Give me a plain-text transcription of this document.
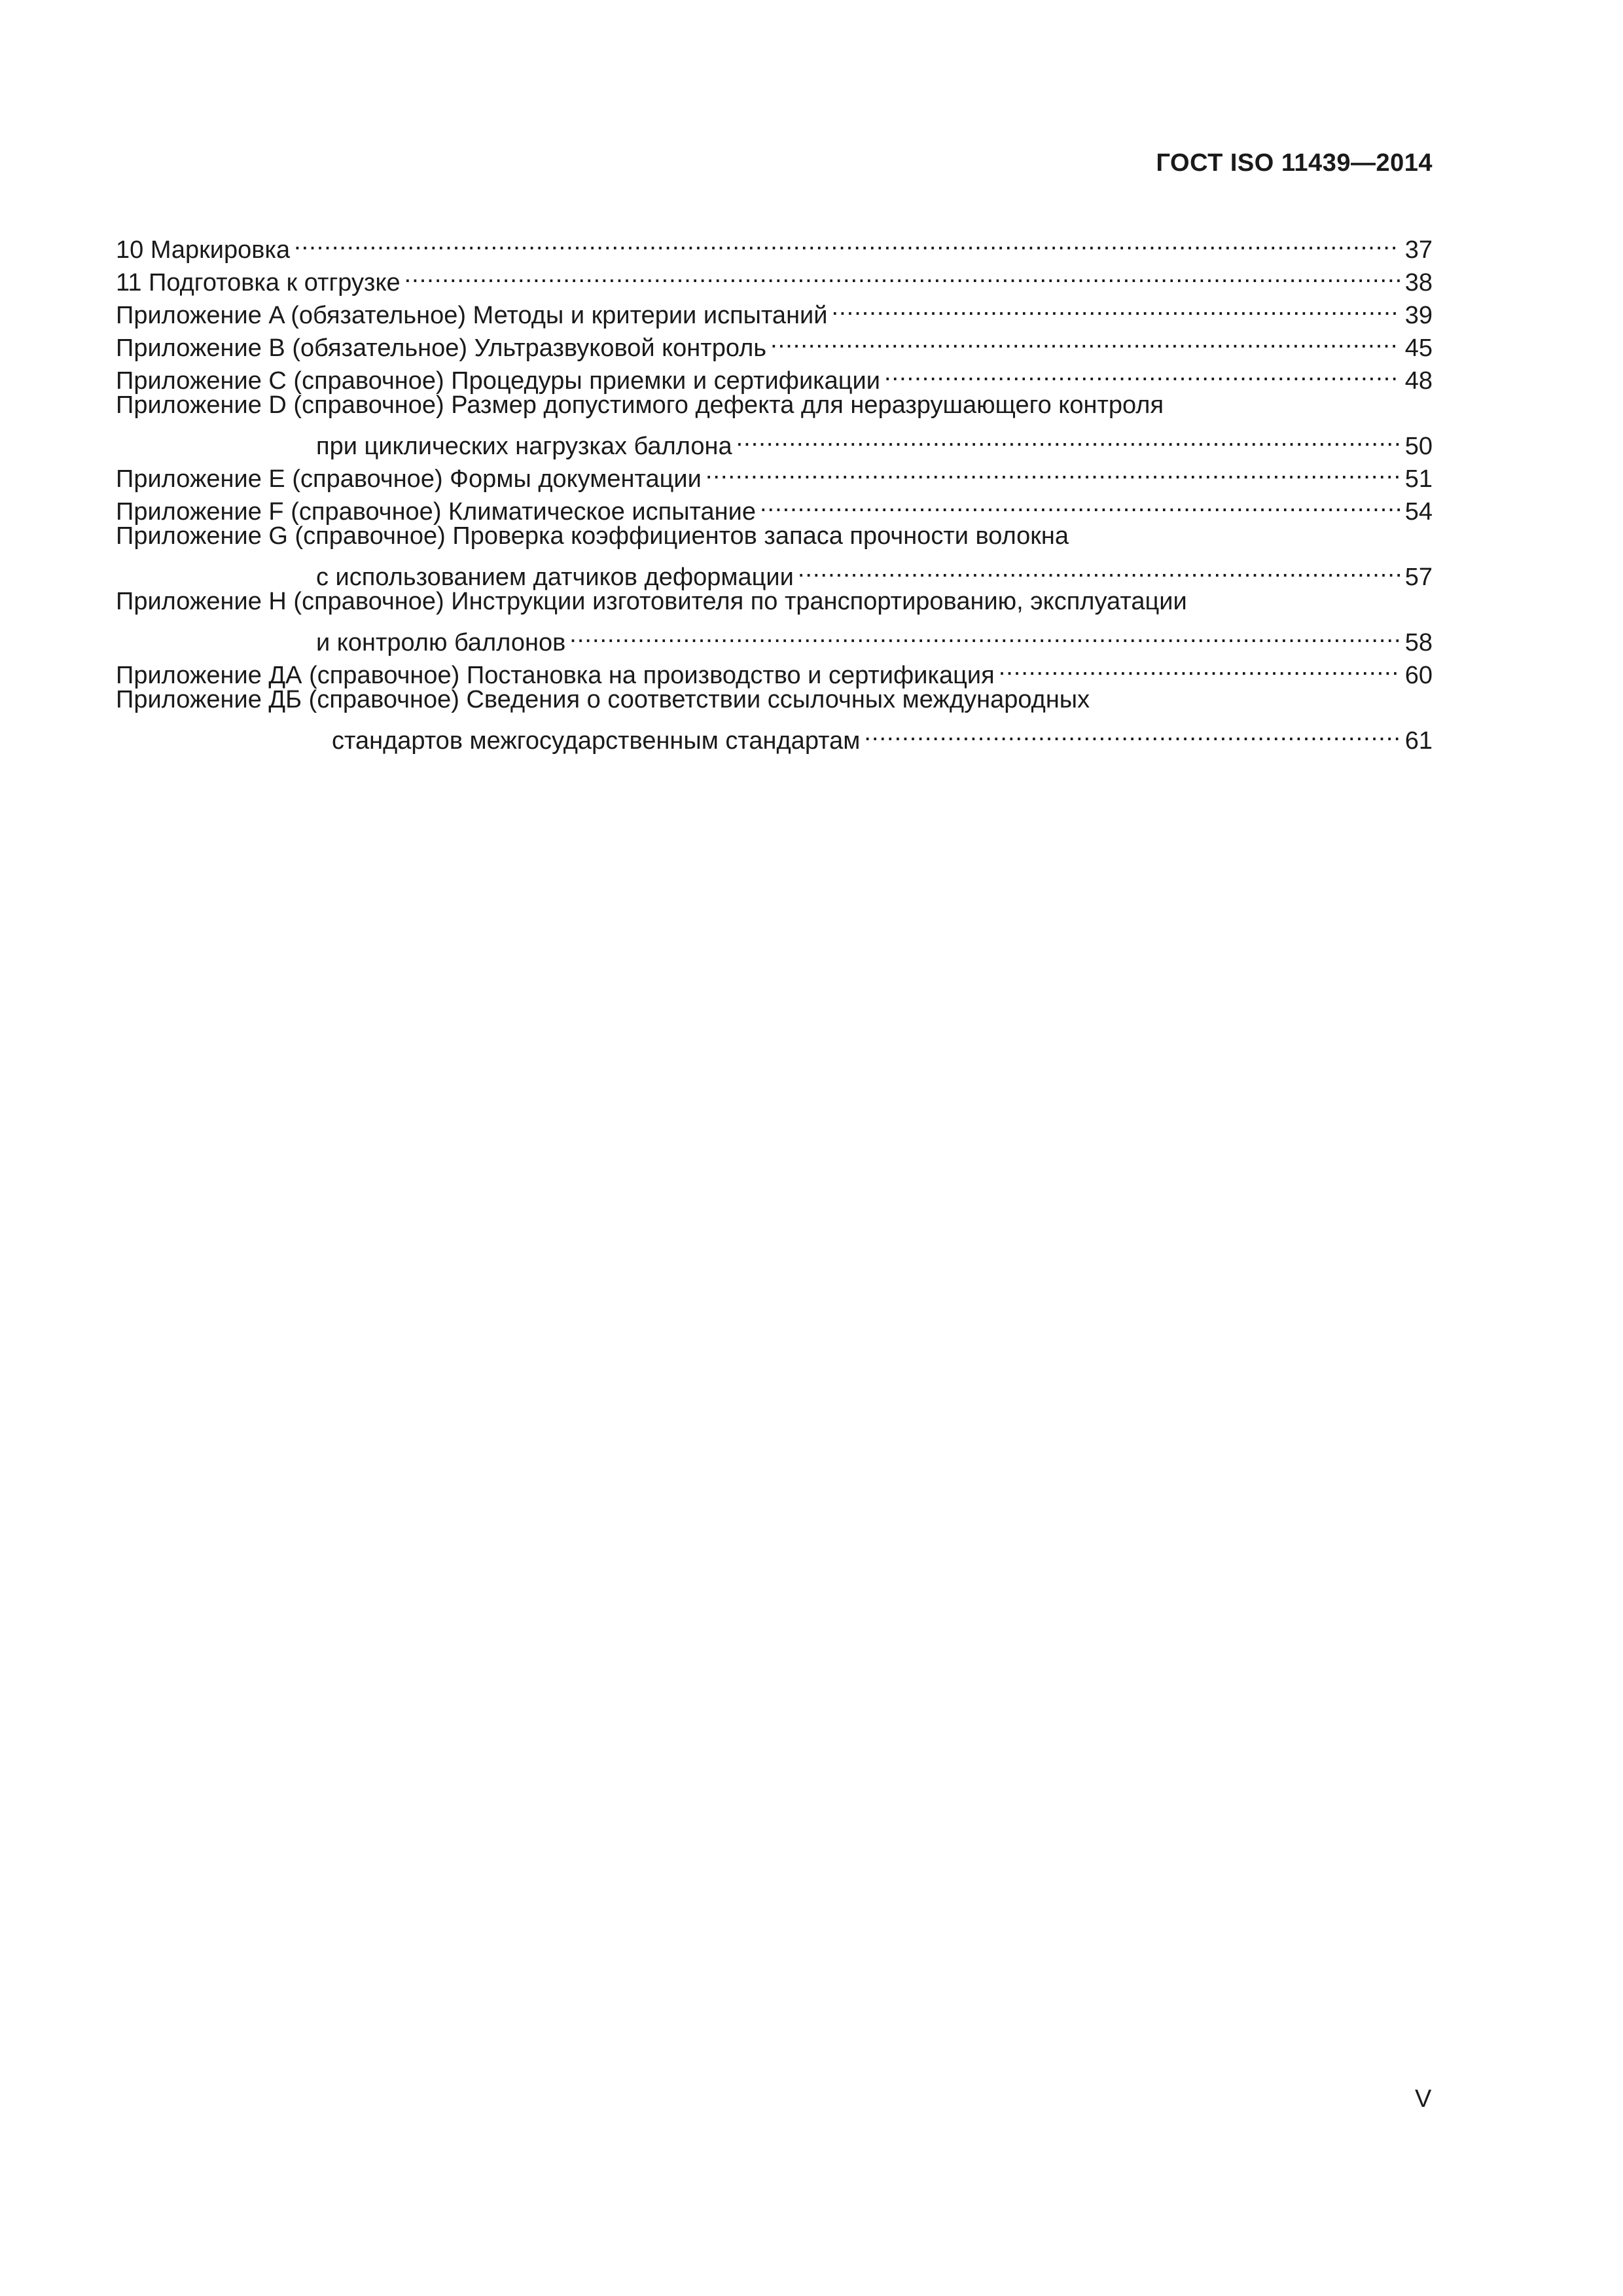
ГОСТ ISO 11439—2014
10 Маркировка .....	37
11 Подготовка к отгрузке .....	38
Приложение A (обязательное) Методы и критерии испытаний .....	39
Приложение B (обязательное) Ультразвуковой контроль .....	45
Приложение C (справочное) Процедуры приемки и сертификации .....	48
Приложение D (справочное) Размер допустимого дефекта для неразрушающего контроля
при циклических нагрузках баллона .....	50
Приложение E (справочное) Формы документации .....	51
Приложение F (справочное) Климатическое испытание .....	54
Приложение G (справочное) Проверка коэффициентов запаса прочности волокна
с использованием датчиков деформации .....	57
Приложение H (справочное) Инструкции изготовителя по транспортированию, эксплуатации
и контролю баллонов .....	58
Приложение ДА (справочное) Постановка на производство и сертификация .....	60
Приложение ДБ (справочное) Сведения о соответствии ссылочных международных
стандартов межгосударственным стандартам .....	61
V
